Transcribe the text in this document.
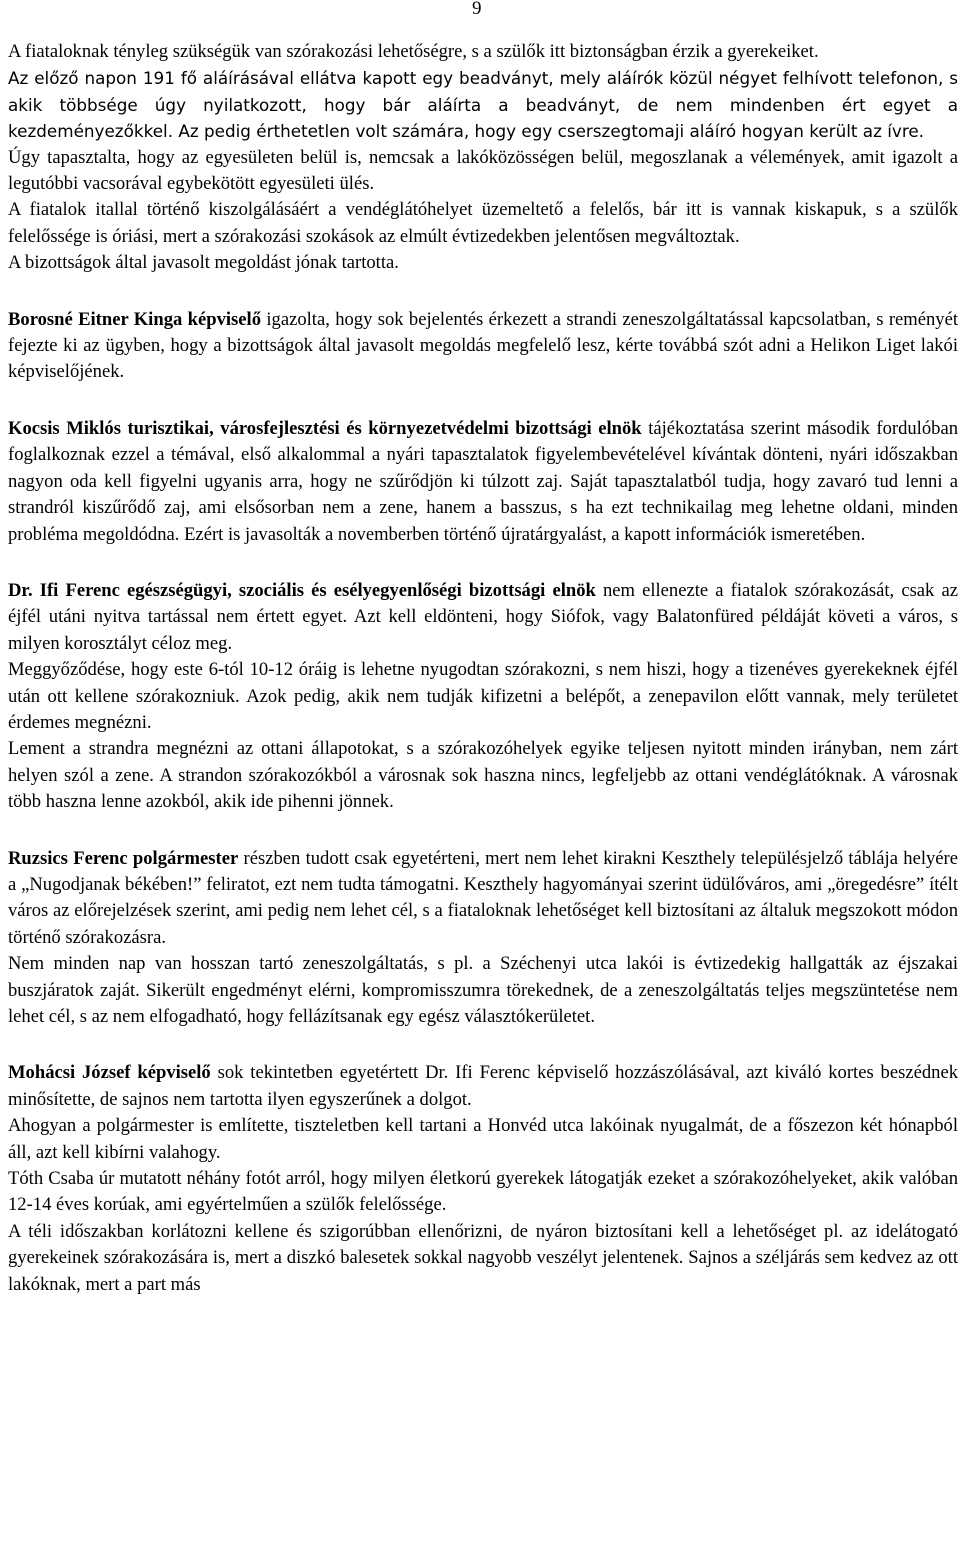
9

A fiataloknak tényleg szükségük van szórakozási lehetőségre, s a szülők itt biztonságban érzik a gyerekeiket.

Az előző napon 191 fő aláírásával ellátva kapott egy beadványt, mely aláírók közül négyet felhívott telefonon, s akik többsége úgy nyilatkozott, hogy bár aláírta a beadványt, de nem mindenben ért egyet a kezdeményezőkkel. Az pedig érthetetlen volt számára, hogy egy cserszegtomaji aláíró hogyan került az ívre.

Úgy tapasztalta, hogy az egyesületen belül is, nemcsak a lakóközösségen belül, megoszlanak a vélemények, amit igazolt a legutóbbi vacsorával egybekötött egyesületi ülés.

A fiatalok itallal történő kiszolgálásáért a vendéglátóhelyet üzemeltető a felelős, bár itt is vannak kiskapuk, s a szülők felelőssége is óriási, mert a szórakozási szokások az elmúlt évtizedekben jelentősen megváltoztak.

A bizottságok által javasolt megoldást jónak tartotta.

Borosné Eitner Kinga képviselő igazolta, hogy sok bejelentés érkezett a strandi zeneszolgáltatással kapcsolatban, s reményét fejezte ki az ügyben, hogy a bizottságok által javasolt megoldás megfelelő lesz, kérte továbbá szót adni a Helikon Liget lakói képviselőjének.

Kocsis Miklós turisztikai, városfejlesztési és környezetvédelmi bizottsági elnök tájékoztatása szerint második fordulóban foglalkoznak ezzel a témával, első alkalommal a nyári tapasztalatok figyelembevételével kívántak dönteni, nyári időszakban nagyon oda kell figyelni ugyanis arra, hogy ne szűrődjön ki túlzott zaj. Saját tapasztalatból tudja, hogy zavaró tud lenni a strandról kiszűrődő zaj, ami elsősorban nem a zene, hanem a basszus, s ha ezt technikailag meg lehetne oldani, minden probléma megoldódna. Ezért is javasolták a novemberben történő újratárgyalást, a kapott információk ismeretében.

Dr. Ifi Ferenc egészségügyi, szociális és esélyegyenlőségi bizottsági elnök nem ellenezte a fiatalok szórakozását, csak az éjfél utáni nyitva tartással nem értett egyet. Azt kell eldönteni, hogy Siófok, vagy Balatonfüred példáját követi a város, s milyen korosztályt céloz meg.

Meggyőződése, hogy este 6-tól 10-12 óráig is lehetne nyugodtan szórakozni, s nem hiszi, hogy a tizenéves gyerekeknek éjfél után ott kellene szórakozniuk. Azok pedig, akik nem tudják kifizetni a belépőt, a zenepavilon előtt vannak, mely területet érdemes megnézni.

Lement a strandra megnézni az ottani állapotokat, s a szórakozóhelyek egyike teljesen nyitott minden irányban, nem zárt helyen szól a zene. A strandon szórakozókból a városnak sok haszna nincs, legfeljebb az ottani vendéglátóknak. A városnak több haszna lenne azokból, akik ide pihenni jönnek.

Ruzsics Ferenc polgármester részben tudott csak egyetérteni, mert nem lehet kirakni Keszthely településjelző táblája helyére a „Nugodjanak békében!” feliratot, ezt nem tudta támogatni. Keszthely hagyományai szerint üdülőváros, ami „öregedésre” ítélt város az előrejelzések szerint, ami pedig nem lehet cél, s a fiataloknak lehetőséget kell biztosítani az általuk megszokott módon történő szórakozásra.

Nem minden nap van hosszan tartó zeneszolgáltatás, s pl. a Széchenyi utca lakói is évtizedekig hallgatták az éjszakai buszjáratok zaját. Sikerült engedményt elérni, kompromisszumra törekednek, de a zeneszolgáltatás teljes megszüntetése nem lehet cél, s az nem elfogadható, hogy fellázítsanak egy egész választókerületet.

Mohácsi József képviselő sok tekintetben egyetértett Dr. Ifi Ferenc képviselő hozzászólásával, azt kiváló kortes beszédnek minősítette, de sajnos nem tartotta ilyen egyszerűnek a dolgot.

Ahogyan a polgármester is említette, tiszteletben kell tartani a Honvéd utca lakóinak nyugalmát, de a főszezon két hónapból áll, azt kell kibírni valahogy.

Tóth Csaba úr mutatott néhány fotót arról, hogy milyen életkorú gyerekek látogatják ezeket a szórakozóhelyeket, akik valóban 12-14 éves korúak, ami egyértelműen a szülők felelőssége.

A téli időszakban korlátozni kellene és szigorúbban ellenőrizni, de nyáron biztosítani kell a lehetőséget pl. az idelátogató gyerekeinek szórakozására is, mert a diszkó balesetek sokkal nagyobb veszélyt jelentenek. Sajnos a széljárás sem kedvez az ott lakóknak, mert a part más
